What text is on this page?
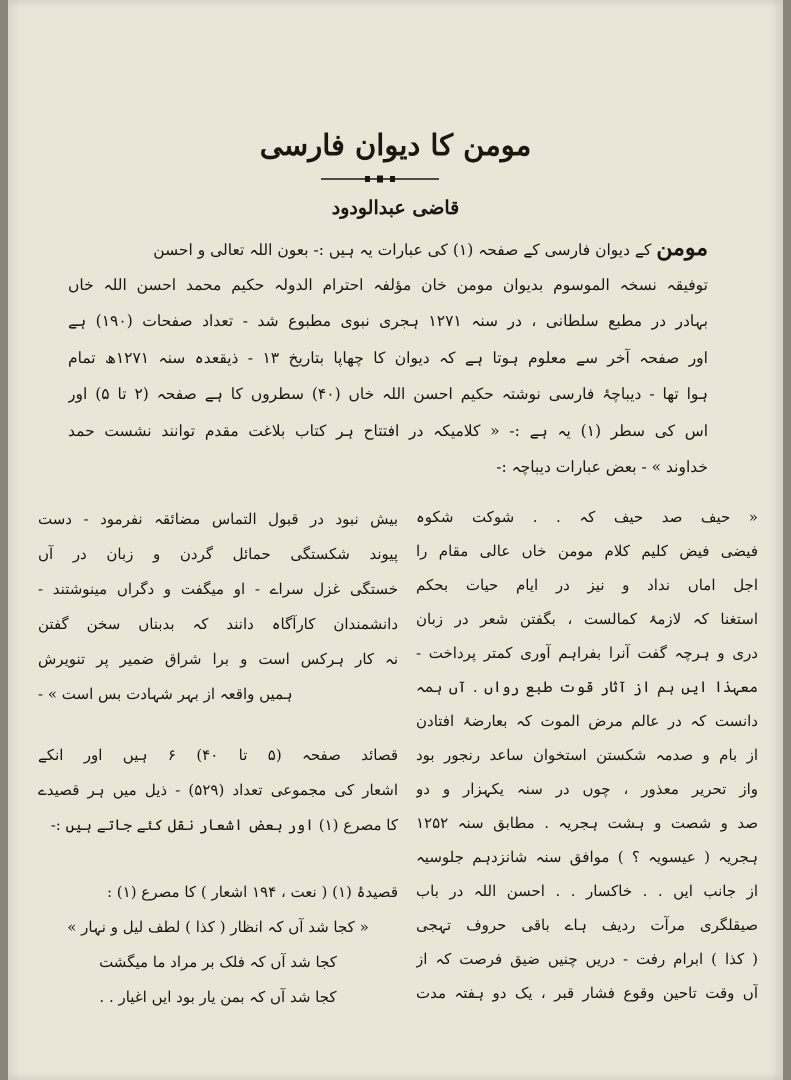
مومن کا دیوان فارسی
قاضی عبدالودود
مومن کے دیوان فارسی کے صفحہ (۱) کی عبارات یہ ہیں :- بعون اللہ تعالی و احسن
توفیقہ نسخہ الموسوم بدیوان مومن خان مؤلفہ احترام الدولہ حکیم محمد احسن اللہ خاں
بہادر در مطبع سلطانی ، در سنہ ۱۲۷۱ ہجری نبوی مطبوع شد - تعداد صفحات (۱۹۰) ہے
اور صفحہ آخر سے معلوم ہوتا ہے کہ دیوان کا چھاپا بتاریخ ۱۳ - ذیقعدہ سنہ ۱۲۷۱ھ تمام
ہوا تھا - دیباچۂ فارسی نوشتہ حکیم احسن اللہ خاں (۴۰) سطروں کا ہے صفحہ (۲ تا ۵) اور
اس کی سطر (۱) یہ ہے :- « کلامیکہ در افتتاح ہر کتاب بلاغت مقدم توانند نشست حمد
خداوند » - بعض عبارات دیباچہ :-
« حیف صد حیف کہ . . شوکت شکوہ
فیضی فیض کلیم کلام مومن خاں عالی مقام را
اجل اماں نداد و نیز در ایام حیات بحکم
استغنا کہ لازمۂ کمالست ، بگفتن شعر در زبان
دری و ہرچہ گفت آنرا بفراہم آوری کمتر پرداخت -
معہذا ایں ہم از آثار قوت طبع رواں . آں ہمہ
دانست کہ در عالم مرض الموت کہ بعارضۂ افتادن
از بام و صدمہ شکستن استخوان ساعد رنجور بود
واز تحریر معذور ، چوں در سنہ یکہزار و دو
صد و شصت و ہشت ہجریہ . مطابق سنہ ۱۲۵۲
ہجریہ ( عیسویہ ؟ ) موافق سنہ شانزدہم جلوسیہ
از جانب ایں . . خاکسار . . احسن اللہ در باب
صیقلگری مرآت ردیف ہاے باقی حروف تہجی
( کذا ) ابرام رفت - دریں چنیں ضیق فرصت کہ از
آں وقت تاحین وقوع فشار قبر ، یک دو ہفتہ مدت
بیش نبود در قبول التماس مضائقہ نفرمود - دست
پیوند شکستگی حمائل گردن و زبان در آں
خستگی غزل سراے - او میگفت و دگراں مینوشتند -
دانشمندان کارآگاہ دانند کہ بدبناں سخن گفتن
نہ کار ہرکس است و برا شراق ضمیر پر تنویرش
ہمیں واقعہ از بہر شہادت بس است » -
قصائد صفحہ (۵ تا ۴۰) ۶ ہیں اور انکے
اشعار کی مجموعی تعداد (۵۲۹) - ذیل میں ہر قصیدے
کا مصرع (۱) اور بعض اشعار نقل کئے جاتے ہیں :-
قصیدۂ (۱) ( نعت ، ۱۹۴ اشعار ) کا مصرع (۱) :
« کجا شد آں کہ انظار ( کذا ) لطف لیل و نہار »
کجا شد آں کہ فلک بر مراد ما میگشت
کجا شد آں کہ بمن یار بود ایں اغیار . .
